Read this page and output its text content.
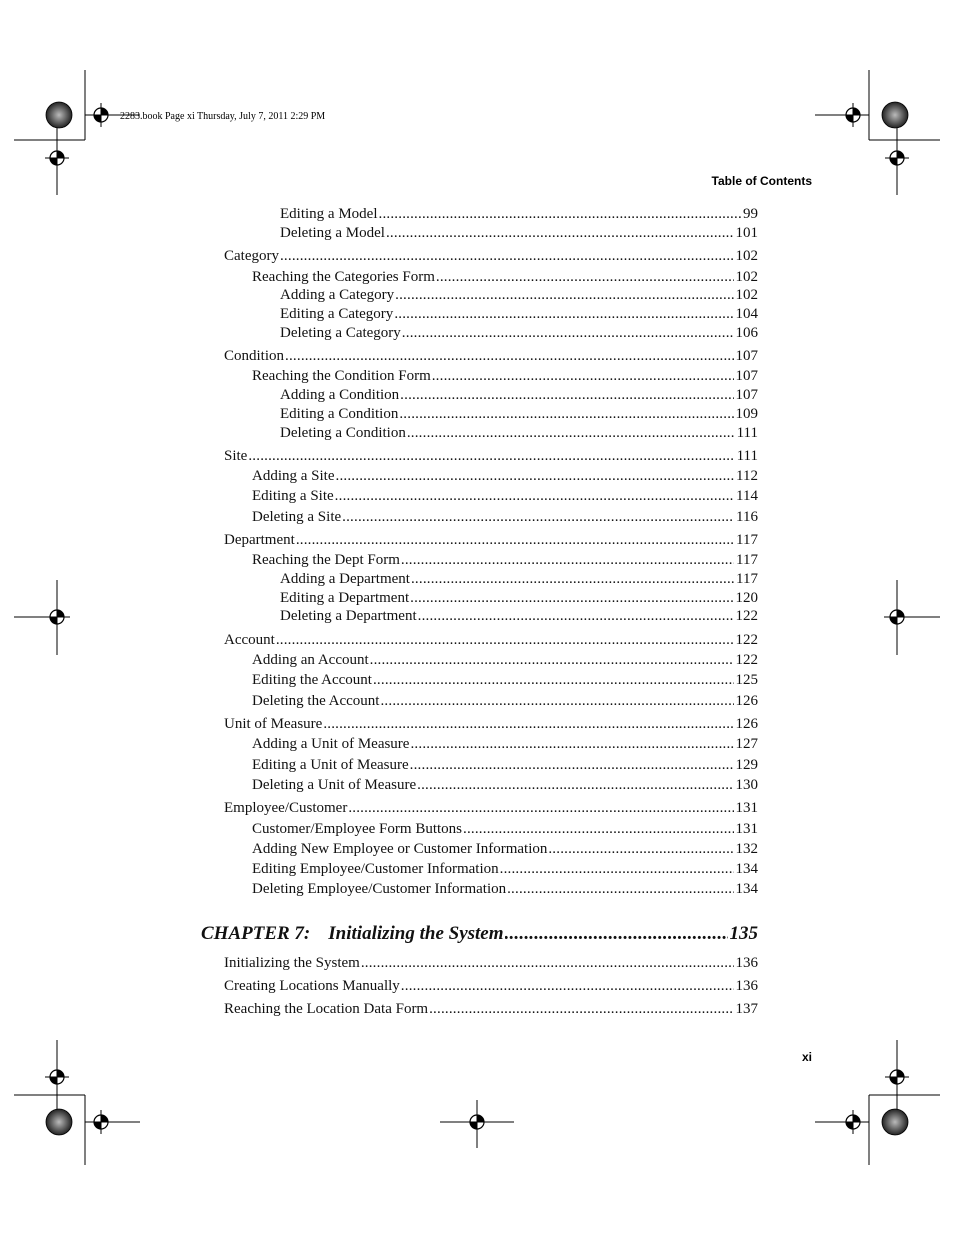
2283.book Page xi Thursday, July 7, 2011 2:29 PM
Table of Contents
Editing a Model .....	99
Deleting a Model .....	101
Category .....	102
Reaching the Categories Form .....	102
Adding a Category .....	102
Editing a Category .....	104
Deleting a Category .....	106
Condition .....	107
Reaching the Condition Form .....	107
Adding a Condition .....	107
Editing a Condition .....	109
Deleting a Condition .....	111
Site .....	111
Adding a Site .....	112
Editing a Site .....	114
Deleting a Site .....	116
Department .....	117
Reaching the Dept Form .....	117
Adding a Department .....	117
Editing a Department .....	120
Deleting a Department .....	122
Account .....	122
Adding an Account .....	122
Editing the Account .....	125
Deleting the Account .....	126
Unit of Measure .....	126
Adding a Unit of Measure .....	127
Editing a Unit of Measure .....	129
Deleting a Unit of Measure .....	130
Employee/Customer .....	131
Customer/Employee Form Buttons .....	131
Adding New Employee or Customer Information .....	132
Editing Employee/Customer Information .....	134
Deleting Employee/Customer Information .....	134
CHAPTER 7: Initializing the System .....	135
Initializing the System .....	136
Creating Locations Manually .....	136
Reaching the Location Data Form .....	137
xi
